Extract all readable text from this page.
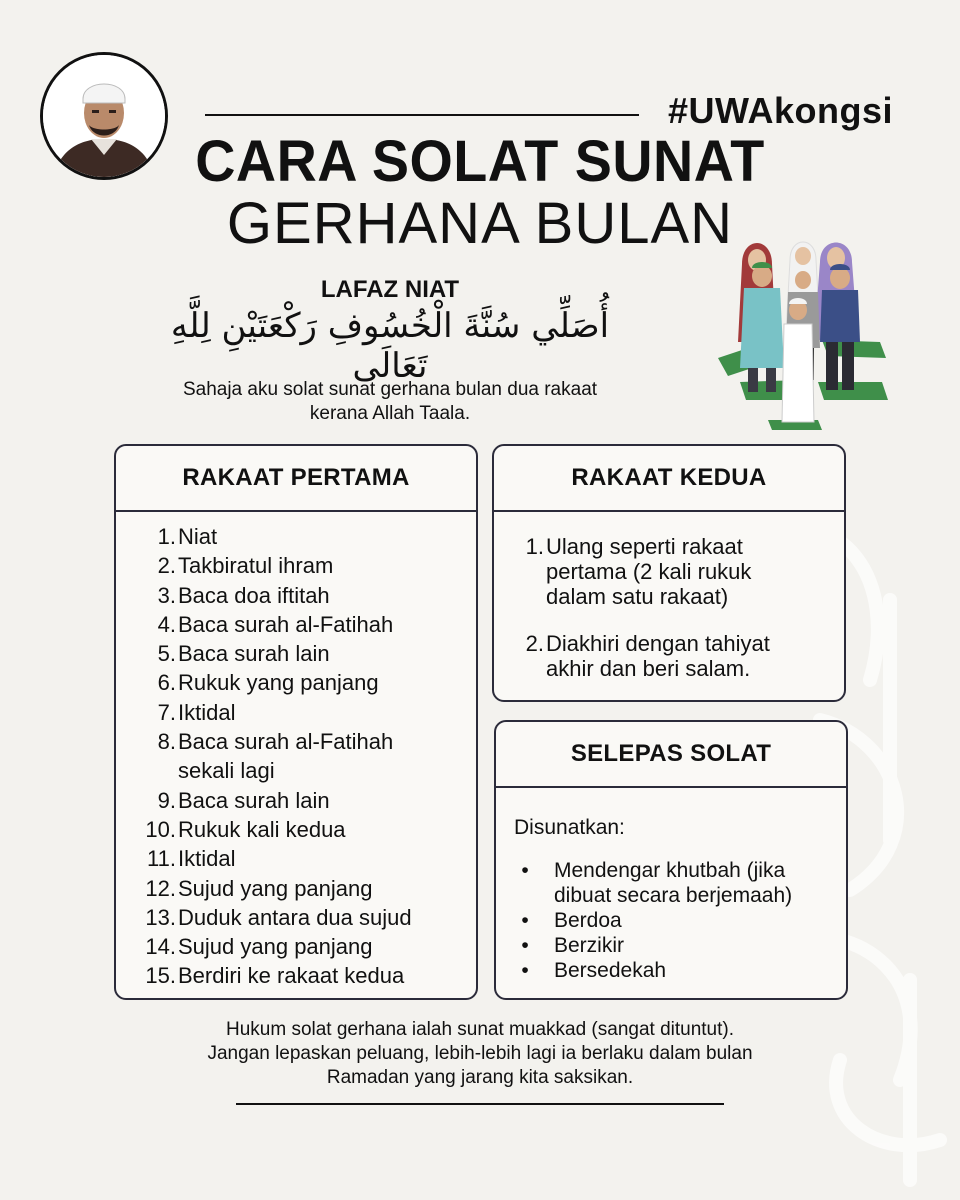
#UWAkongsi
CARA SOLAT SUNAT
GERHANA BULAN
LAFAZ NIAT
أُصَلِّي سُنَّةَ الْخُسُوفِ رَكْعَتَيْنِ لِلَّهِ تَعَالَى
Sahaja aku solat sunat gerhana bulan dua rakaat
kerana Allah Taala.
RAKAAT PERTAMA
1. Niat
2. Takbiratul ihram
3. Baca doa iftitah
4. Baca surah al-Fatihah
5. Baca surah lain
6. Rukuk yang panjang
7. Iktidal
8. Baca surah al-Fatihah
sekali lagi
9. Baca surah lain
10. Rukuk kali kedua
11. Iktidal
12. Sujud yang panjang
13. Duduk antara dua sujud
14. Sujud yang panjang
15. Berdiri ke rakaat kedua
RAKAAT KEDUA
1. Ulang seperti rakaat
pertama (2 kali rukuk
dalam satu rakaat)
2. Diakhiri dengan tahiyat
akhir dan beri salam.
SELEPAS SOLAT
Disunatkan:
•	Mendengar khutbah (jika
dibuat secara berjemaah)
•	Berdoa
•	Berzikir
•	Bersedekah
Hukum solat gerhana ialah sunat muakkad (sangat dituntut).
Jangan lepaskan peluang, lebih-lebih lagi ia berlaku dalam bulan
Ramadan yang jarang kita saksikan.
